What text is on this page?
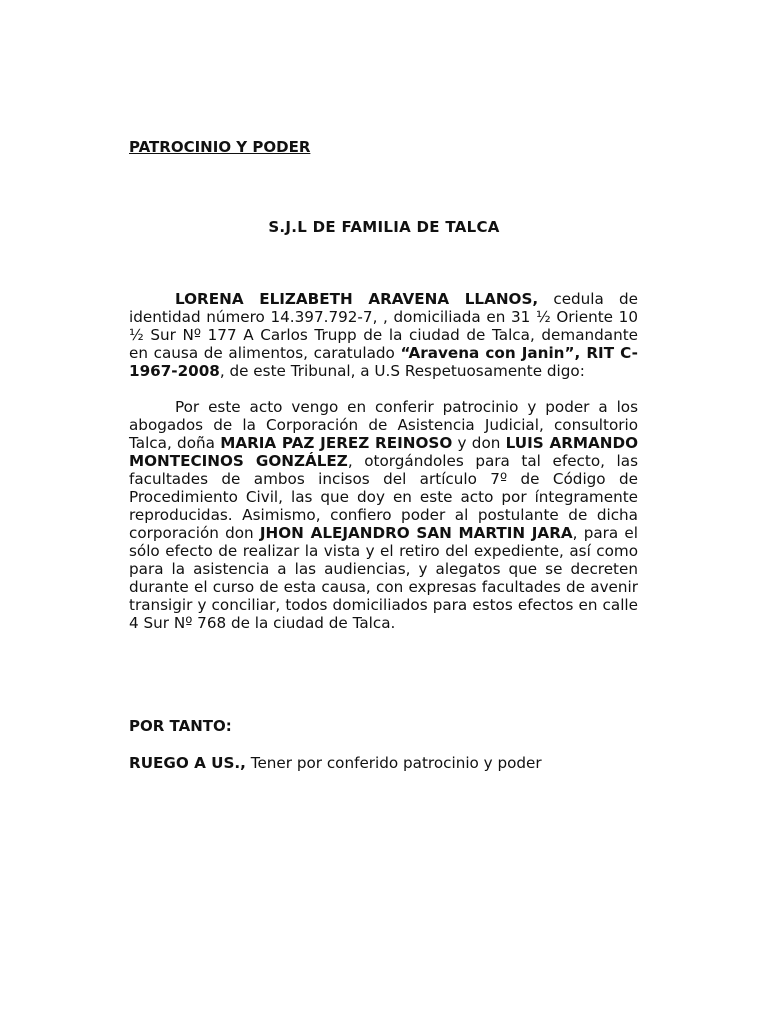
PATROCINIO Y PODER
S.J.L DE FAMILIA DE TALCA

LORENA ELIZABETH ARAVENA LLANOS, cedula de identidad número 14.397.792-7, , domiciliada en 31 ½ Oriente 10 ½ Sur Nº 177 A Carlos Trupp de la ciudad de Talca, demandante en causa de alimentos, caratulado “Aravena con Janin”, RIT C-1967-2008, de este Tribunal, a U.S Respetuosamente digo:

Por este acto vengo en conferir patrocinio y poder a los abogados de la Corporación de Asistencia Judicial, consultorio Talca, doña MARIA PAZ JEREZ REINOSO y don LUIS ARMANDO MONTECINOS GONZÁLEZ, otorgándoles para tal efecto, las facultades de ambos incisos del artículo 7º de Código de Procedimiento Civil, las que doy en este acto por íntegramente reproducidas. Asimismo, confiero poder al postulante de dicha corporación don JHON ALEJANDRO SAN MARTIN JARA, para el sólo efecto de realizar la vista y el retiro del expediente, así como para la asistencia a las audiencias, y alegatos que se decreten durante el curso de esta causa, con expresas facultades de avenir transigir y conciliar, todos domiciliados para estos efectos en calle 4 Sur Nº 768 de la ciudad de Talca.

POR TANTO:
RUEGO A US., Tener por conferido patrocinio y poder
